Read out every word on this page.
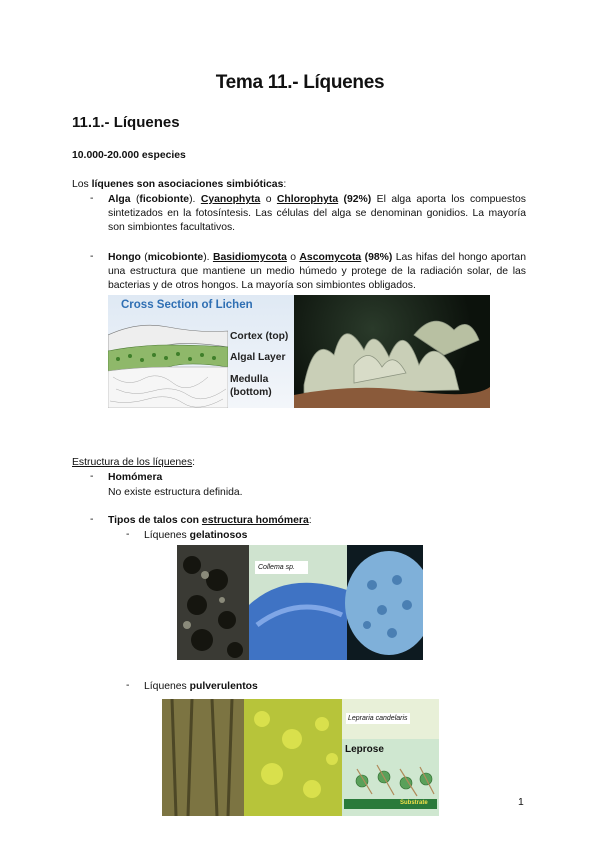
Tema 11.- Líquenes
11.1.- Líquenes
10.000-20.000 especies
Los líquenes son asociaciones simbióticas:
- Alga (ficobionte). Cyanophyta o Chlorophyta (92%) El alga aporta los compuestos sintetizados en la fotosíntesis. Las células del alga se denominan gonidios. La mayoría son simbiontes facultativos.
- Hongo (micobionte). Basidiomycota o Ascomycota (98%) Las hifas del hongo aportan una estructura que mantiene un medio húmedo y protege de la radiación solar, de las bacterias y de otros hongos. La mayoría son simbiontes obligados.
Cross Section of Lichen
Cortex (top)
Algal Layer
Medulla
(bottom)
Estructura de los líquenes:
- Homómera
No existe estructura definida.
- Tipos de talos con estructura homómera:
- Líquenes gelatinosos
Collema sp.
- Líquenes pulverulentos
Lepraria candelaris
Leprose
Substrate	1
